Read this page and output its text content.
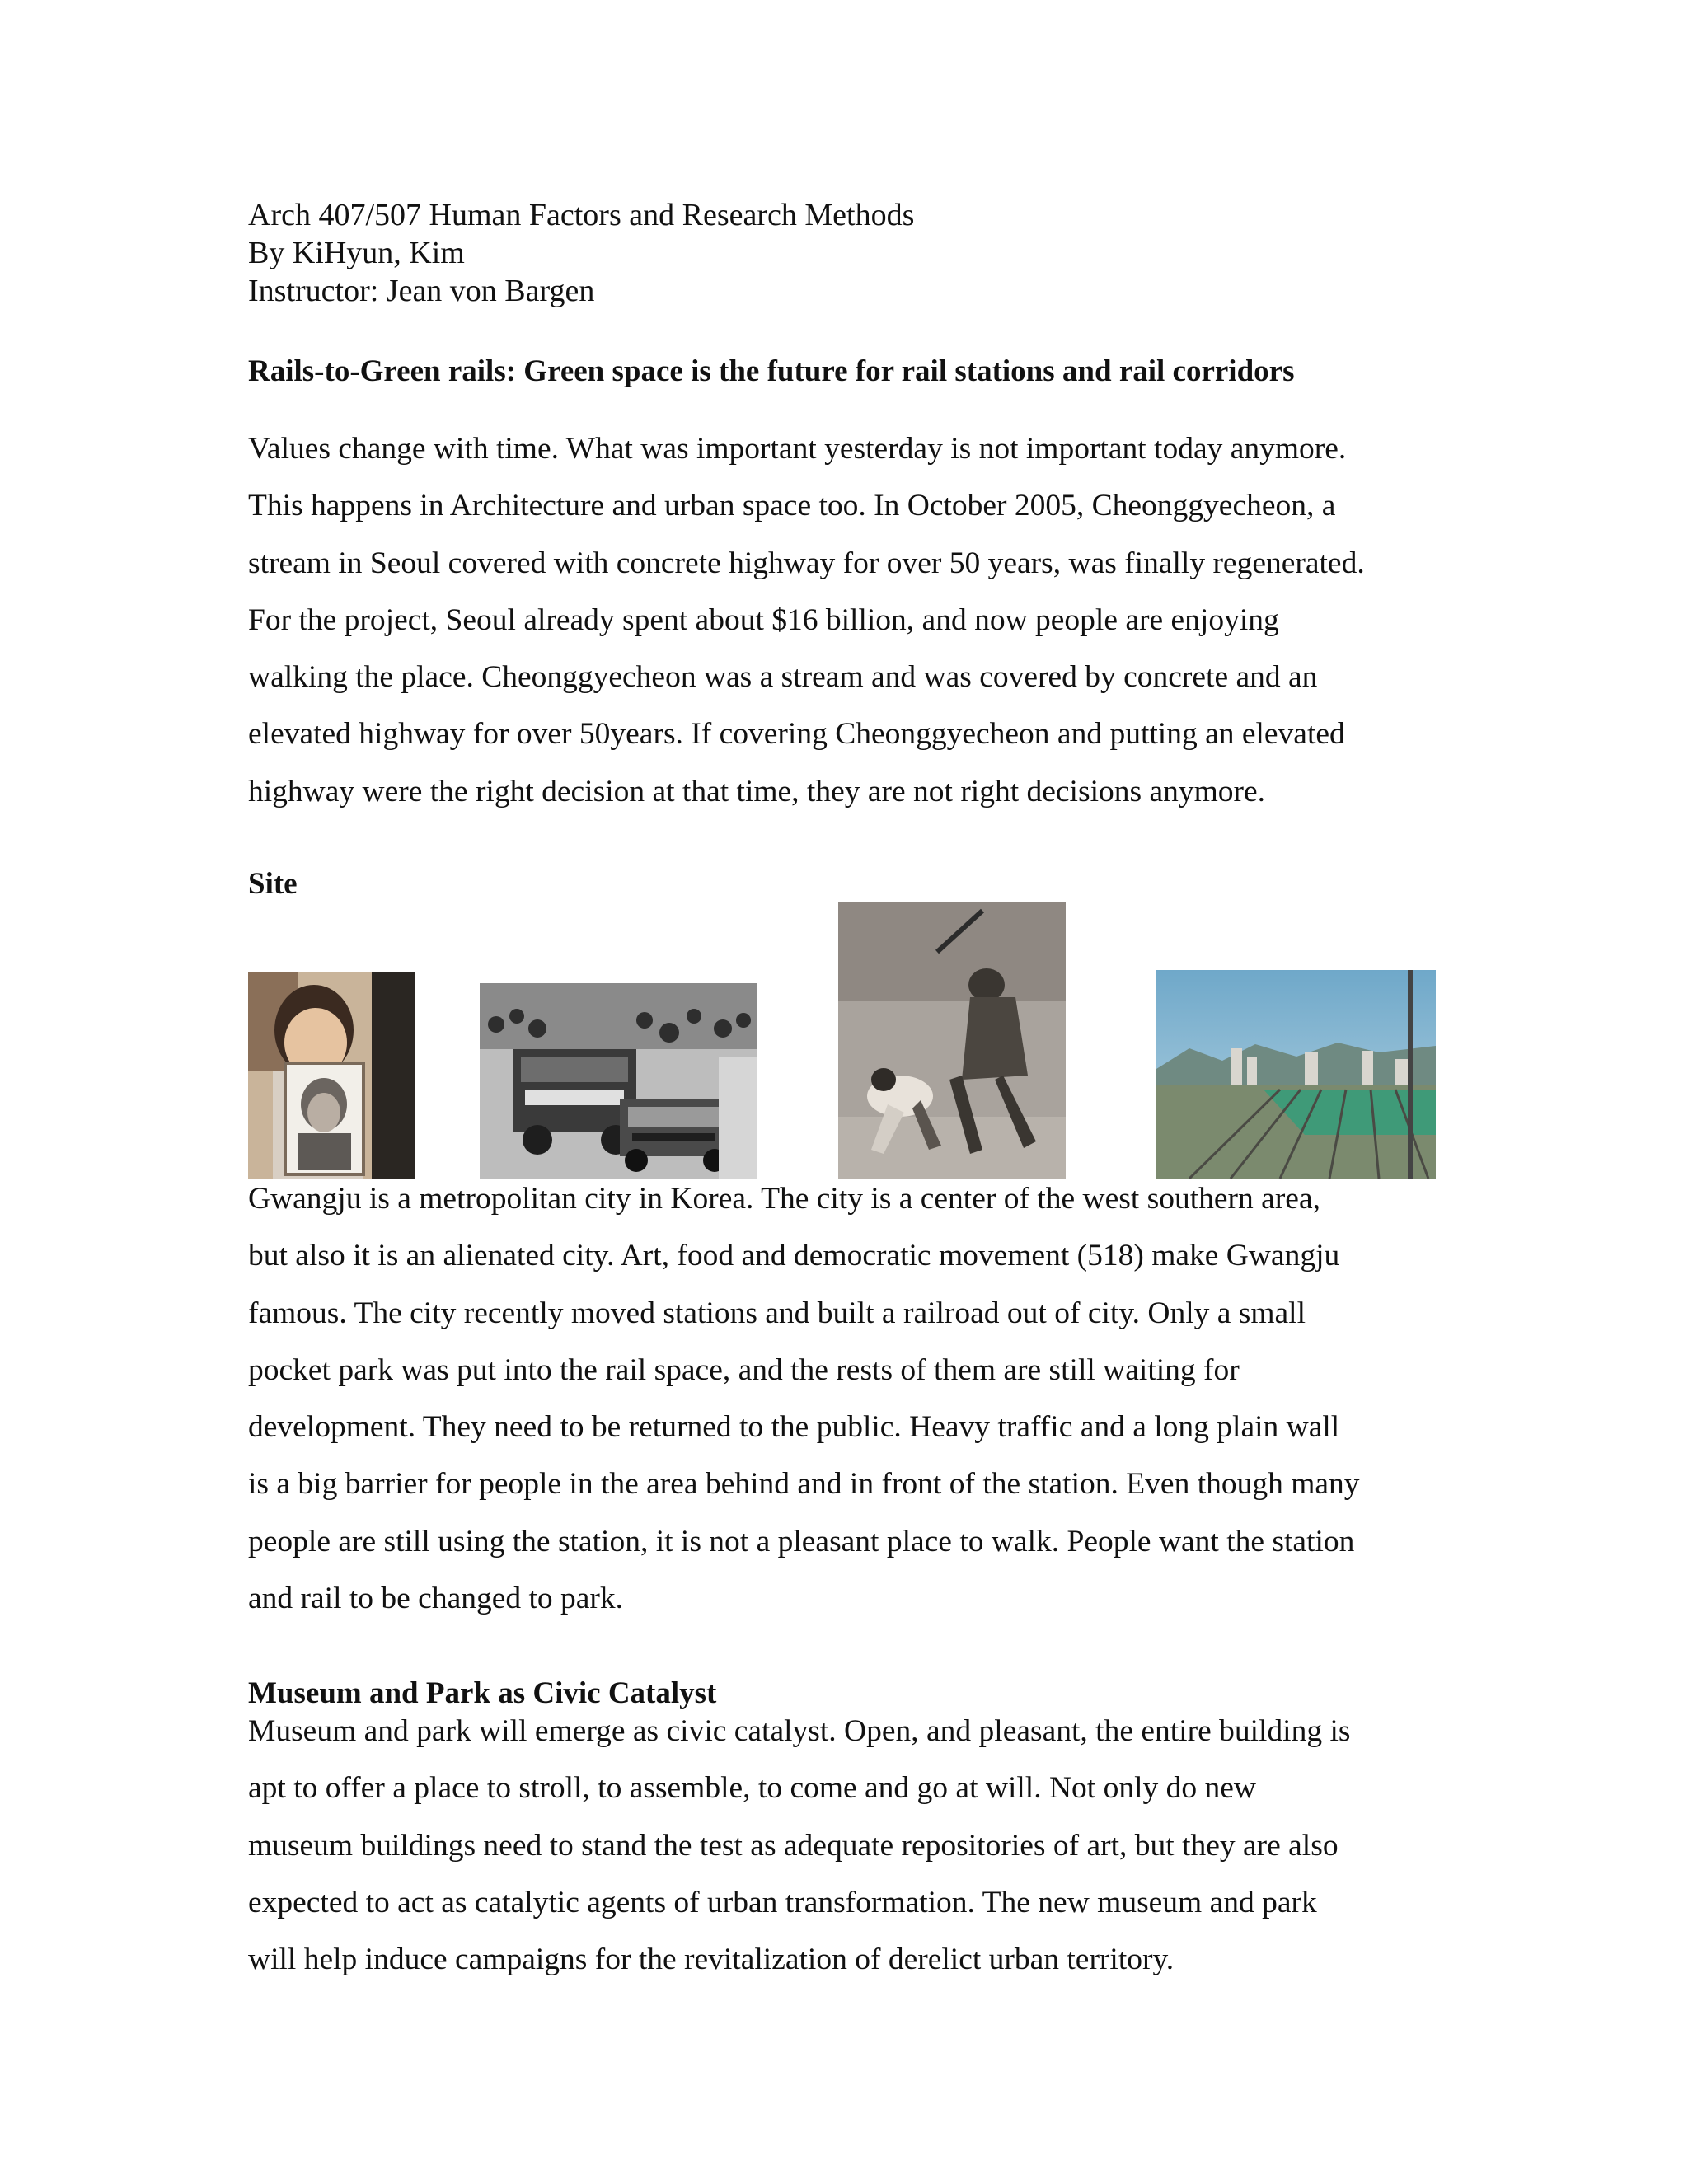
Arch 407/507 Human Factors and Research Methods
By KiHyun, Kim
Instructor: Jean von Bargen
Rails-to-Green rails: Green space is the future for rail stations and rail corridors
Values change with time. What was important yesterday is not important today anymore.
This happens in Architecture and urban space too. In October 2005, Cheonggyecheon, a
stream in Seoul covered with concrete highway for over 50 years, was finally regenerated.
For the project, Seoul already spent about $16 billion, and now people are enjoying
walking the place. Cheonggyecheon was a stream and was covered by concrete and an
elevated highway for over 50years. If covering Cheonggyecheon and putting an elevated
highway were the right decision at that time, they are not right decisions anymore.
Site
Gwangju is a metropolitan city in Korea. The city is a center of the west southern area,
but also it is an alienated city. Art, food and democratic movement (518) make Gwangju
famous. The city recently moved stations and built a railroad out of city. Only a small
pocket park was put into the rail space, and the rests of them are still waiting for
development. They need to be returned to the public. Heavy traffic and a long plain wall
is a big barrier for people in the area behind and in front of the station. Even though many
people are still using the station, it is not a pleasant place to walk. People want the station
and rail to be changed to park.
Museum and Park as Civic Catalyst
Museum and park will emerge as civic catalyst. Open, and pleasant, the entire building is
apt to offer a place to stroll, to assemble, to come and go at will. Not only do new
museum buildings need to stand the test as adequate repositories of art, but they are also
expected to act as catalytic agents of urban transformation. The new museum and park
will help induce campaigns for the revitalization of derelict urban territory.
